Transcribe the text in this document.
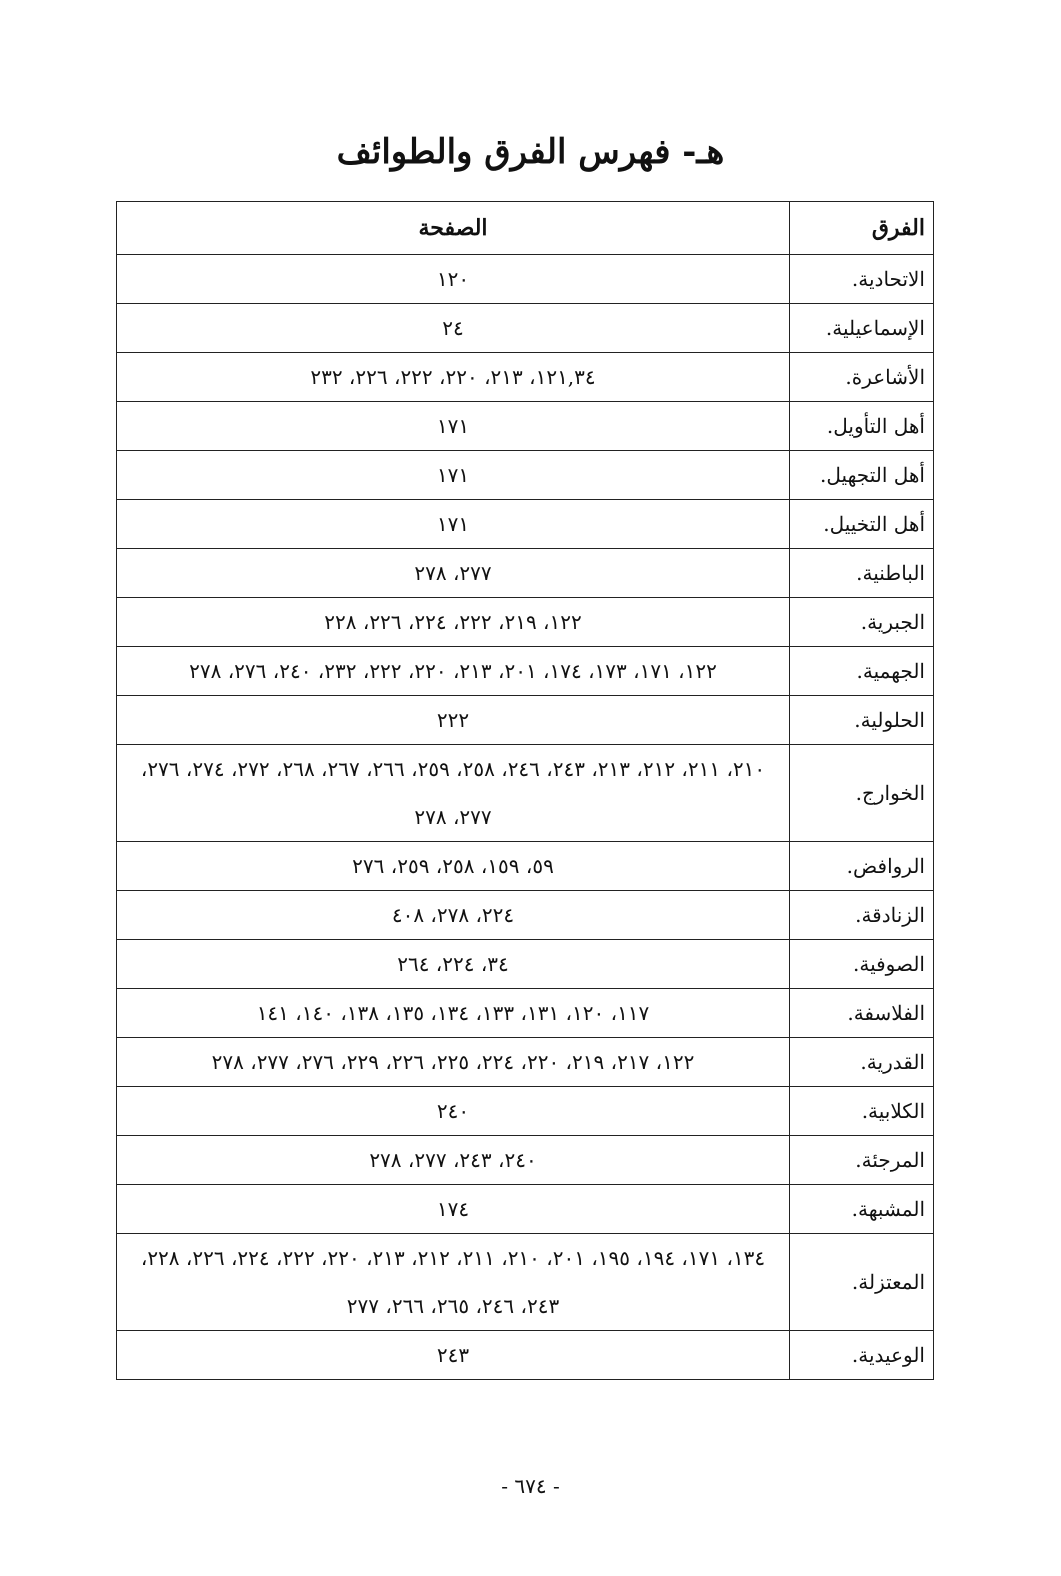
هـ- فهرس الفرق والطوائف
الفرق	الصفحة
الاتحادية.	١٢٠
الإسماعيلية.	٢٤
الأشاعرة.	١٢١,٣٤، ٢١٣، ٢٢٠، ٢٢٢، ٢٢٦، ٢٣٢
أهل التأويل.	١٧١
أهل التجهيل.	١٧١
أهل التخييل.	١٧١
الباطنية.	٢٧٧، ٢٧٨
الجبرية.	١٢٢، ٢١٩، ٢٢٢، ٢٢٤، ٢٢٦، ٢٢٨
الجهمية.	١٢٢، ١٧١، ١٧٣، ١٧٤، ٢٠١، ٢١٣، ٢٢٠، ٢٢٢، ٢٣٢، ٢٤٠، ٢٧٦، ٢٧٨
الحلولية.	٢٢٢
الخوارج.	٢١٠، ٢١١، ٢١٢، ٢١٣، ٢٤٣، ٢٤٦، ٢٥٨، ٢٥٩، ٢٦٦، ٢٦٧، ٢٦٨، ٢٧٢، ٢٧٤، ٢٧٦، ٢٧٧، ٢٧٨
الروافض.	٥٩، ١٥٩، ٢٥٨، ٢٥٩، ٢٧٦
الزنادقة.	٢٢٤، ٢٧٨، ٤٠٨
الصوفية.	٣٤، ٢٢٤، ٢٦٤
الفلاسفة.	١١٧، ١٢٠، ١٣١، ١٣٣، ١٣٤، ١٣٥، ١٣٨، ١٤٠، ١٤١
القدرية.	١٢٢، ٢١٧، ٢١٩، ٢٢٠، ٢٢٤، ٢٢٥، ٢٢٦، ٢٢٩، ٢٧٦، ٢٧٧، ٢٧٨
الكلابية.	٢٤٠
المرجئة.	٢٤٠، ٢٤٣، ٢٧٧، ٢٧٨
المشبهة.	١٧٤
المعتزلة.	١٣٤، ١٧١، ١٩٤، ١٩٥، ٢٠١، ٢١٠، ٢١١، ٢١٢، ٢١٣، ٢٢٠، ٢٢٢، ٢٢٤، ٢٢٦، ٢٢٨، ٢٤٣، ٢٤٦، ٢٦٥، ٢٦٦، ٢٧٧
الوعيدية.	٢٤٣
- ٦٧٤ -
